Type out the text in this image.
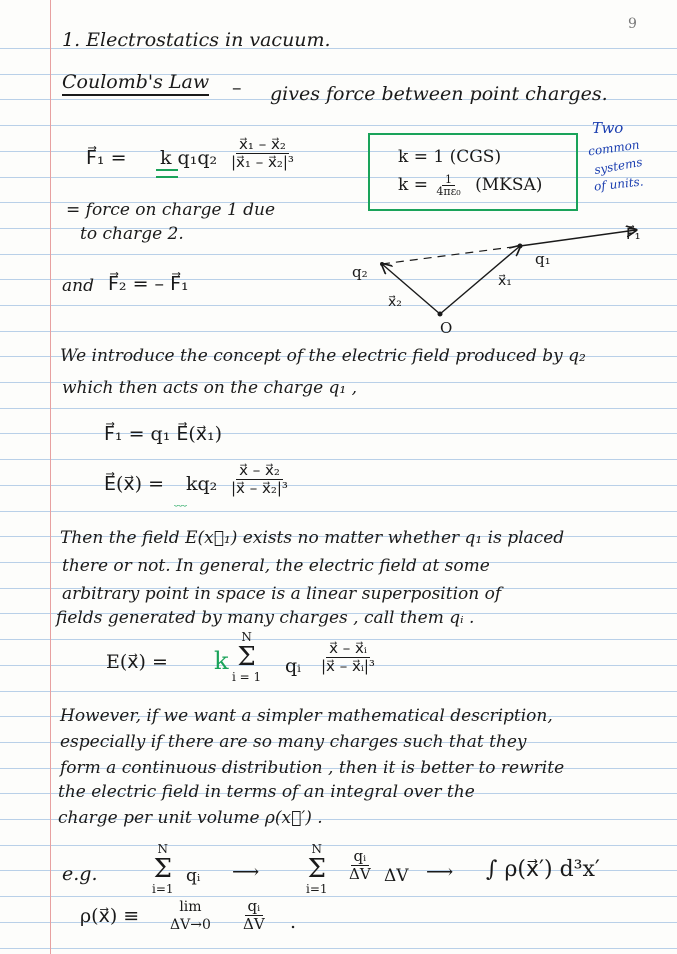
9
1. Electrostatics in vacuum.
Coulomb's Law – gives force between point charges.
F⃗₁ = k $q_1q_2 \frac{\text{x⃗₁ – x⃗₂}}{\text{|x⃗₁ – x⃗₂|³}}$	k = 1 (CGS)
$k = \frac{1}{\text{4πε₀}}$ (MKSA)
Two
common
systems
of units.
= force on charge 1 due
to charge 2.
and F⃗₂ = – F⃗₁
q₂
q₁
x⃗₁
x⃗₂
O
F⃗₁
We introduce the concept of the electric field produced by q₂
which then acts on the charge q₁ ,
F⃗₁ = q₁ E⃗(x⃗₁)
E⃗(x⃗) = kq₂
﹏
$\frac{\text{x⃗ – x⃗₂}}{\text{|x⃗ – x⃗₂|³}}$
Then the field E(x⃗₁) exists no matter whether q₁ is placed
there or not. In general, the electric field at some
arbitrary point in space is a linear superposition of
fields generated by many charges , call them qᵢ .
E(x⃗) = k
N
Σ
i = 1 qᵢ $\frac{\text{x⃗ – x⃗ᵢ}}{\text{|x⃗ – x⃗ᵢ|³}}$
However, if we want a simpler mathematical description,
especially if there are so many charges such that they
form a continuous distribution , then it is better to rewrite
the electric field in terms of an integral over the
charge per unit volume ρ(x⃗′) .
e.g.
N
Σ
i=1
qᵢ ⟶
N
Σ
i=1
$\frac{\text{qᵢ}}{\Delta V}$ ΔV ⟶ ∫ ρ(x⃗′) d³x′
ρ(x⃗) ≡	lim
$\Delta V\to 0 \frac{\text{qᵢ}}{\Delta V}$ .
